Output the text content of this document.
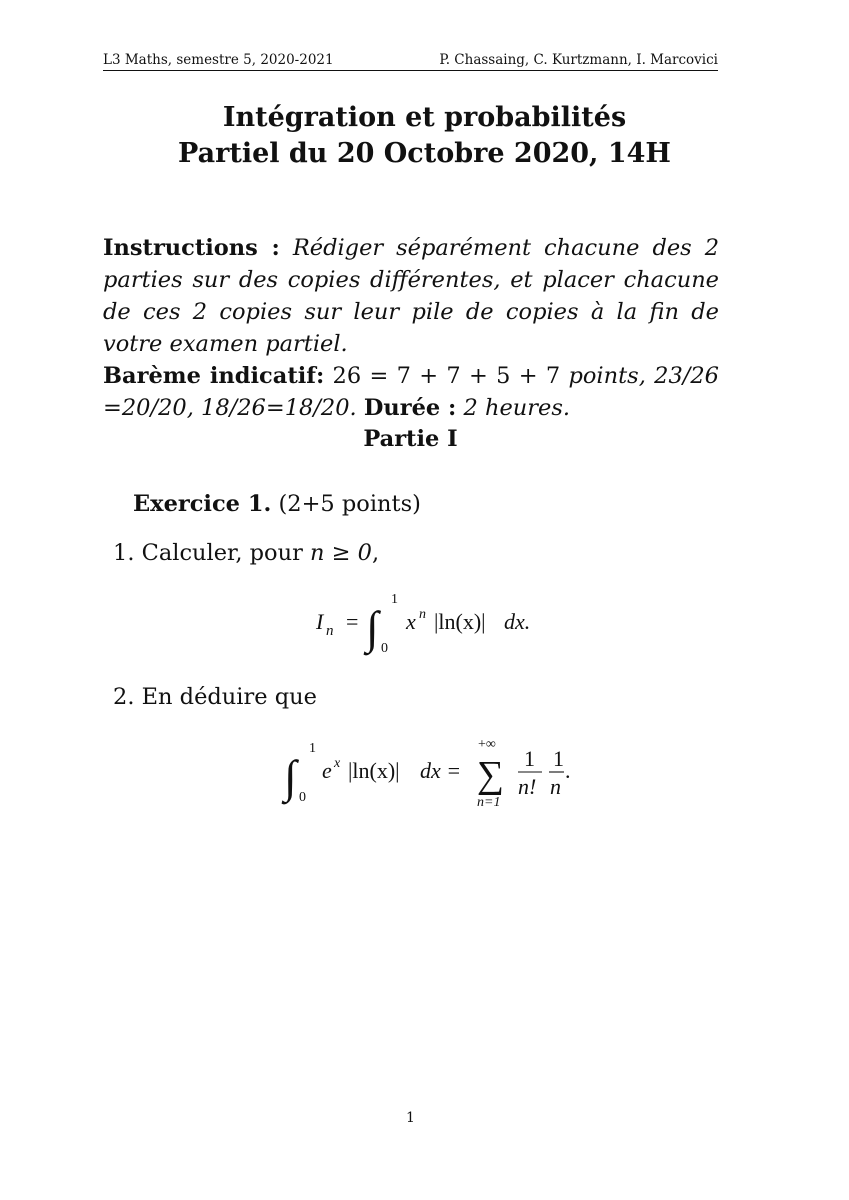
L3 Maths, semestre 5, 2020-2021	P. Chassaing, C. Kurtzmann, I. Marcovici
Intégration et probabilités
Partiel du 20 Octobre 2020, 14H
Instructions : Rédiger séparément chacune des 2 parties sur des copies différentes, et placer chacune de ces 2 copies sur leur pile de copies à la fin de votre examen partiel.
Barème indicatif: 26 = 7 + 7 + 5 + 7 points, 23/26 =20/20, 18/26=18/20. Durée : 2 heures.
Partie I
Exercice 1. (2+5 points)
1. Calculer, pour n ≥ 0,
I n = ∫
1
0
x n |ln(x)| dx.
2. En déduire que
∫
1
0
e x |ln(x)| dx =
+∞
∑
n=1
1
n!
1
n
.
1
